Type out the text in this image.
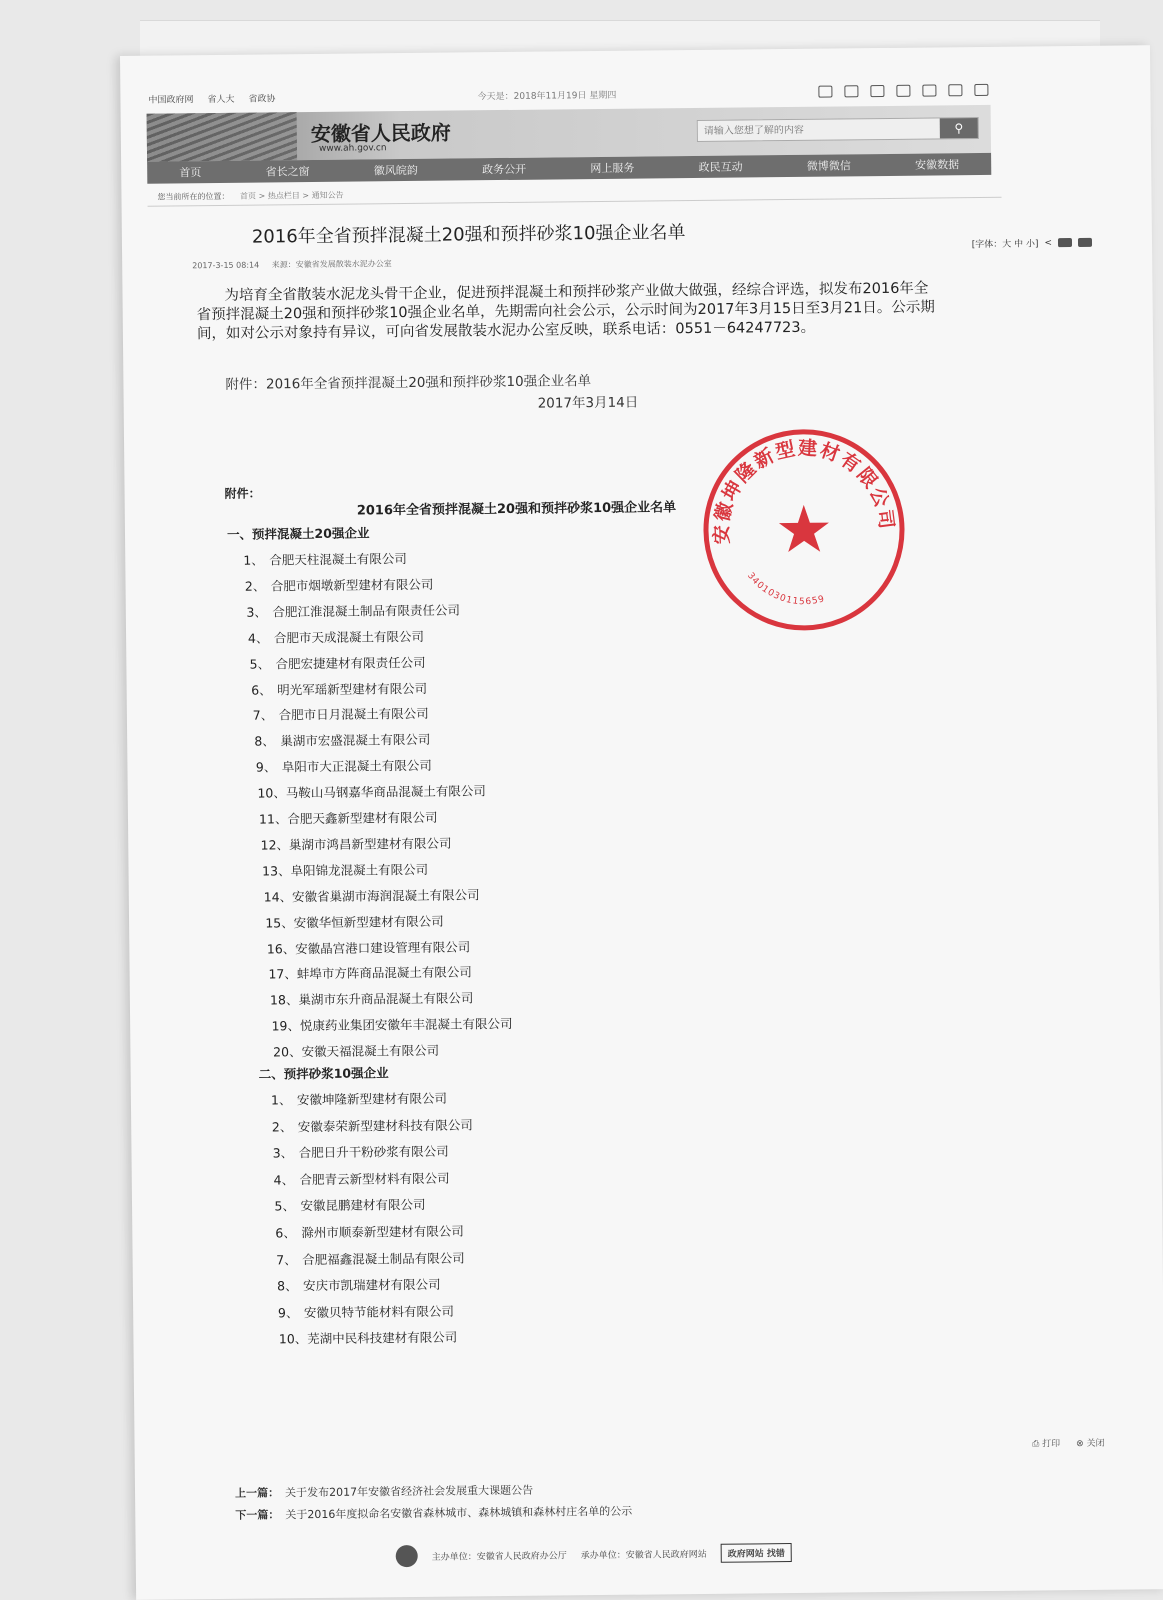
中国政府网 省人大 省政协	今天是：2018年11月19日 星期四
安徽省人民政府
www.ah.gov.cn
请输入您想了解的内容
⚲
首页	省长之窗	徽风皖韵	政务公开	网上服务	政民互动	微博微信	安徽数据
您当前所在的位置： 首页 > 热点栏目 > 通知公告
2016年全省预拌混凝土20强和预拌砂浆10强企业名单	[字体：大 中 小] <
2017-3-15 08:14 来源：安徽省发展散装水泥办公室
为培育全省散装水泥龙头骨干企业，促进预拌混凝土和预拌砂浆产业做大做强，经综合评选，拟发布2016年全省预拌混凝土20强和预拌砂浆10强企业名单，先期需向社会公示，公示时间为2017年3月15日至3月21日。公示期间，如对公示对象持有异议，可向省发展散装水泥办公室反映，联系电话：0551－64247723。
附件：2016年全省预拌混凝土20强和预拌砂浆10强企业名单
2017年3月14日
附件：
2016年全省预拌混凝土20强和预拌砂浆10强企业名单
一、预拌混凝土20强企业
1、 合肥天柱混凝土有限公司
2、 合肥市烟墩新型建材有限公司
3、 合肥江淮混凝土制品有限责任公司
4、 合肥市天成混凝土有限公司
5、 合肥宏捷建材有限责任公司
6、 明光军瑶新型建材有限公司
7、 合肥市日月混凝土有限公司
8、 巢湖市宏盛混凝土有限公司
9、 阜阳市大正混凝土有限公司
10、马鞍山马钢嘉华商品混凝土有限公司
11、合肥天鑫新型建材有限公司
12、巢湖市鸿昌新型建材有限公司
13、阜阳锦龙混凝土有限公司
14、安徽省巢湖市海润混凝土有限公司
15、安徽华恒新型建材有限公司
16、安徽晶宫港口建设管理有限公司
17、蚌埠市方阵商品混凝土有限公司
18、巢湖市东升商品混凝土有限公司
19、悦康药业集团安徽年丰混凝土有限公司
20、安徽天福混凝土有限公司
二、预拌砂浆10强企业
1、 安徽坤隆新型建材有限公司
2、 安徽泰荣新型建材科技有限公司
3、 合肥日升干粉砂浆有限公司
4、 合肥青云新型材料有限公司
5、 安徽昆鹏建材有限公司
6、 滁州市顺泰新型建材有限公司
7、 合肥福鑫混凝土制品有限公司
8、 安庆市凯瑞建材有限公司
9、 安徽贝特节能材料有限公司
10、芜湖中民科技建材有限公司
安徽坤隆新型建材有限公司
3401030115659
⎙ 打印 ⊗ 关闭
上一篇： 关于发布2017年安徽省经济社会发展重大课题公告
下一篇： 关于2016年度拟命名安徽省森林城市、森林城镇和森林村庄名单的公示
主办单位：安徽省人民政府办公厅 承办单位：安徽省人民政府网站	政府网站 找错
